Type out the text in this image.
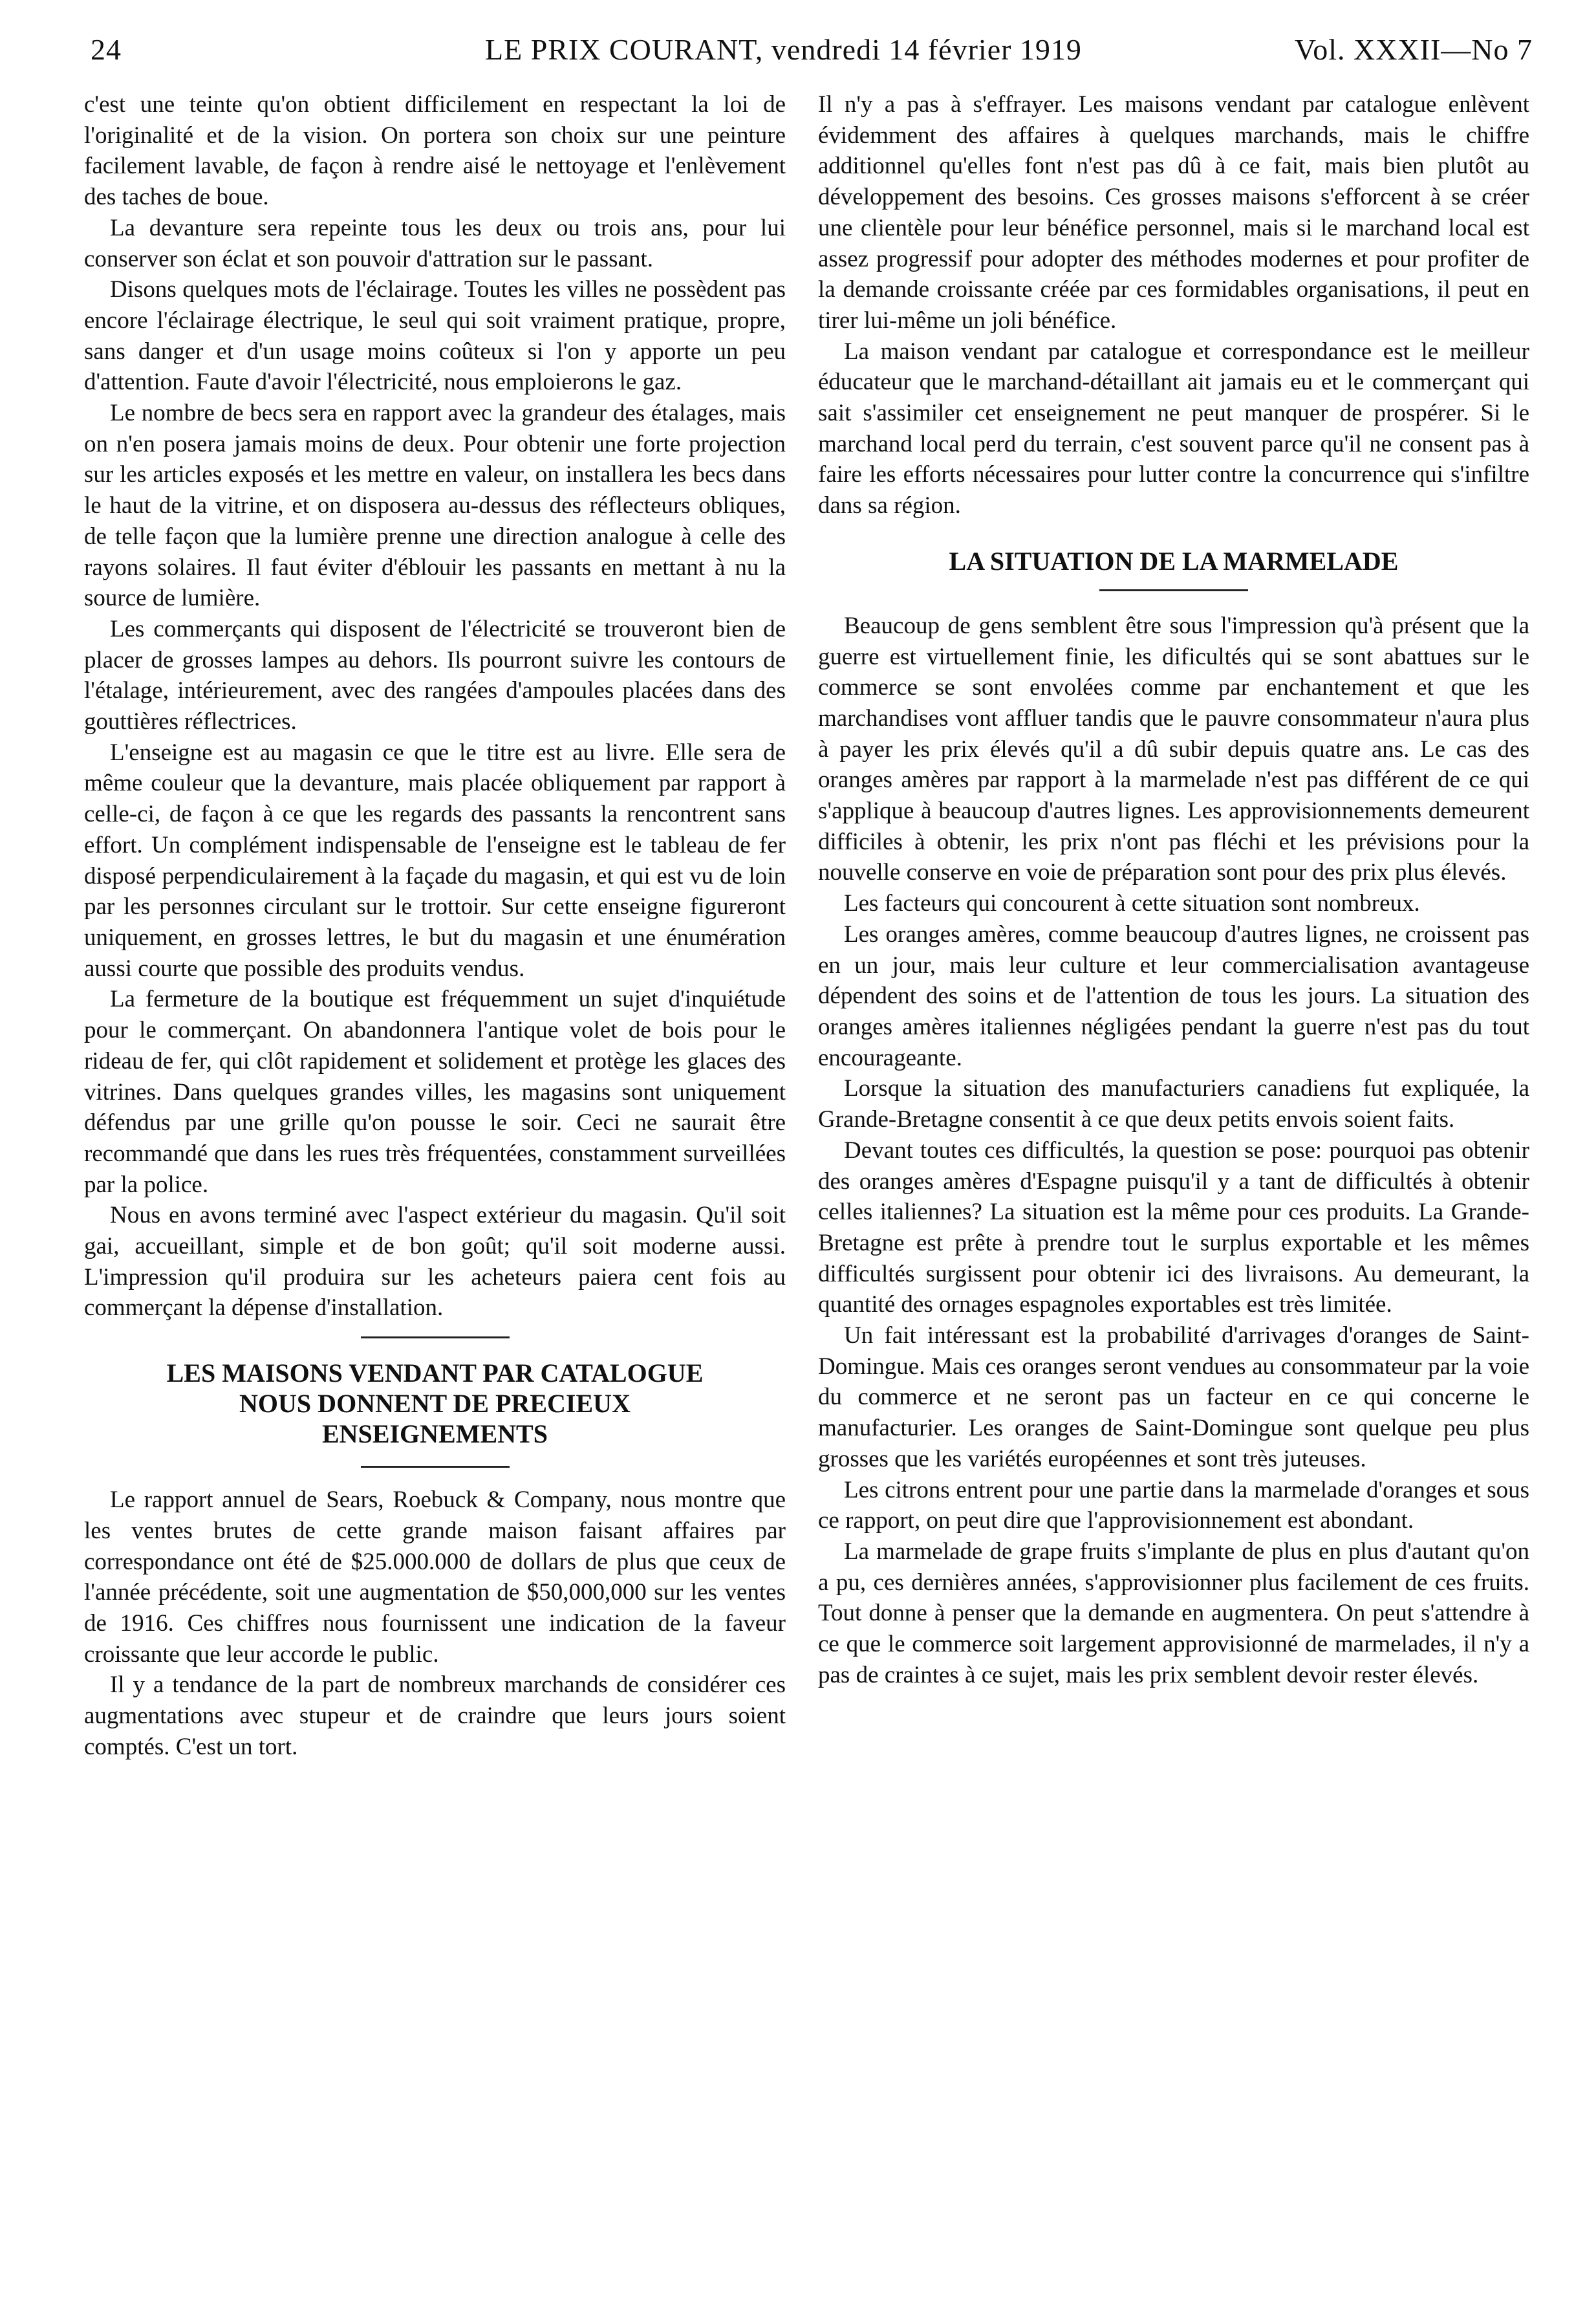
24	LE PRIX COURANT, vendredi 14 février 1919	Vol. XXXII—No 7

c'est une teinte qu'on obtient difficilement en respectant la loi de l'originalité et de la vision. On portera son choix sur une peinture facilement lavable, de façon à rendre aisé le nettoyage et l'enlèvement des taches de boue.

La devanture sera repeinte tous les deux ou trois ans, pour lui conserver son éclat et son pouvoir d'attration sur le passant.

Disons quelques mots de l'éclairage. Toutes les villes ne possèdent pas encore l'éclairage électrique, le seul qui soit vraiment pratique, propre, sans danger et d'un usage moins coûteux si l'on y apporte un peu d'attention. Faute d'avoir l'électricité, nous emploierons le gaz.

Le nombre de becs sera en rapport avec la grandeur des étalages, mais on n'en posera jamais moins de deux. Pour obtenir une forte projection sur les articles exposés et les mettre en valeur, on installera les becs dans le haut de la vitrine, et on disposera au-dessus des réflecteurs obliques, de telle façon que la lumière prenne une direction analogue à celle des rayons solaires. Il faut éviter d'éblouir les passants en mettant à nu la source de lumière.

Les commerçants qui disposent de l'électricité se trouveront bien de placer de grosses lampes au dehors. Ils pourront suivre les contours de l'étalage, intérieurement, avec des rangées d'ampoules placées dans des gouttières réflectrices.

L'enseigne est au magasin ce que le titre est au livre. Elle sera de même couleur que la devanture, mais placée obliquement par rapport à celle-ci, de façon à ce que les regards des passants la rencontrent sans effort. Un complément indispensable de l'enseigne est le tableau de fer disposé perpendiculairement à la façade du magasin, et qui est vu de loin par les personnes circulant sur le trottoir. Sur cette enseigne figureront uniquement, en grosses lettres, le but du magasin et une énumération aussi courte que possible des produits vendus.

La fermeture de la boutique est fréquemment un sujet d'inquiétude pour le commerçant. On abandonnera l'antique volet de bois pour le rideau de fer, qui clôt rapidement et solidement et protège les glaces des vitrines. Dans quelques grandes villes, les magasins sont uniquement défendus par une grille qu'on pousse le soir. Ceci ne saurait être recommandé que dans les rues très fréquentées, constamment surveillées par la police.

Nous en avons terminé avec l'aspect extérieur du magasin. Qu'il soit gai, accueillant, simple et de bon goût; qu'il soit moderne aussi. L'impression qu'il produira sur les acheteurs paiera cent fois au commerçant la dépense d'installation.

LES MAISONS VENDANT PAR CATALOGUE

NOUS DONNENT DE PRECIEUX

ENSEIGNEMENTS

Le rapport annuel de Sears, Roebuck & Company, nous montre que les ventes brutes de cette grande maison faisant affaires par correspondance ont été de $25.000.000 de dollars de plus que ceux de l'année précédente, soit une augmentation de $50,000,000 sur les ventes de 1916. Ces chiffres nous fournissent une indication de la faveur croissante que leur accorde le public.

Il y a tendance de la part de nombreux marchands de considérer ces augmentations avec stupeur et de craindre que leurs jours soient comptés. C'est un tort.

Il n'y a pas à s'effrayer. Les maisons vendant par catalogue enlèvent évidemment des affaires à quelques marchands, mais le chiffre additionnel qu'elles font n'est pas dû à ce fait, mais bien plutôt au développement des besoins. Ces grosses maisons s'efforcent à se créer une clientèle pour leur bénéfice personnel, mais si le marchand local est assez progressif pour adopter des méthodes modernes et pour profiter de la demande croissante créée par ces formidables organisations, il peut en tirer lui-même un joli bénéfice.

La maison vendant par catalogue et correspondance est le meilleur éducateur que le marchand-détaillant ait jamais eu et le commerçant qui sait s'assimiler cet enseignement ne peut manquer de prospérer. Si le marchand local perd du terrain, c'est souvent parce qu'il ne consent pas à faire les efforts nécessaires pour lutter contre la concurrence qui s'infiltre dans sa région.

LA SITUATION DE LA MARMELADE

Beaucoup de gens semblent être sous l'impression qu'à présent que la guerre est virtuellement finie, les dificultés qui se sont abattues sur le commerce se sont envolées comme par enchantement et que les marchandises vont affluer tandis que le pauvre consommateur n'aura plus à payer les prix élevés qu'il a dû subir depuis quatre ans. Le cas des oranges amères par rapport à la marmelade n'est pas différent de ce qui s'applique à beaucoup d'autres lignes. Les approvisionnements demeurent difficiles à obtenir, les prix n'ont pas fléchi et les prévisions pour la nouvelle conserve en voie de préparation sont pour des prix plus élevés.

Les facteurs qui concourent à cette situation sont nombreux.

Les oranges amères, comme beaucoup d'autres lignes, ne croissent pas en un jour, mais leur culture et leur commercialisation avantageuse dépendent des soins et de l'attention de tous les jours. La situation des oranges amères italiennes négligées pendant la guerre n'est pas du tout encourageante.

Lorsque la situation des manufacturiers canadiens fut expliquée, la Grande-Bretagne consentit à ce que deux petits envois soient faits.

Devant toutes ces difficultés, la question se pose: pourquoi pas obtenir des oranges amères d'Espagne puisqu'il y a tant de difficultés à obtenir celles italiennes? La situation est la même pour ces produits. La Grande-Bretagne est prête à prendre tout le surplus exportable et les mêmes difficultés surgissent pour obtenir ici des livraisons. Au demeurant, la quantité des ornages espagnoles exportables est très limitée.

Un fait intéressant est la probabilité d'arrivages d'oranges de Saint-Domingue. Mais ces oranges seront vendues au consommateur par la voie du commerce et ne seront pas un facteur en ce qui concerne le manufacturier. Les oranges de Saint-Domingue sont quelque peu plus grosses que les variétés européennes et sont très juteuses.

Les citrons entrent pour une partie dans la marmelade d'oranges et sous ce rapport, on peut dire que l'approvisionnement est abondant.

La marmelade de grape fruits s'implante de plus en plus d'autant qu'on a pu, ces dernières années, s'approvisionner plus facilement de ces fruits. Tout donne à penser que la demande en augmentera. On peut s'attendre à ce que le commerce soit largement approvisionné de marmelades, il n'y a pas de craintes à ce sujet, mais les prix semblent devoir rester élevés.
